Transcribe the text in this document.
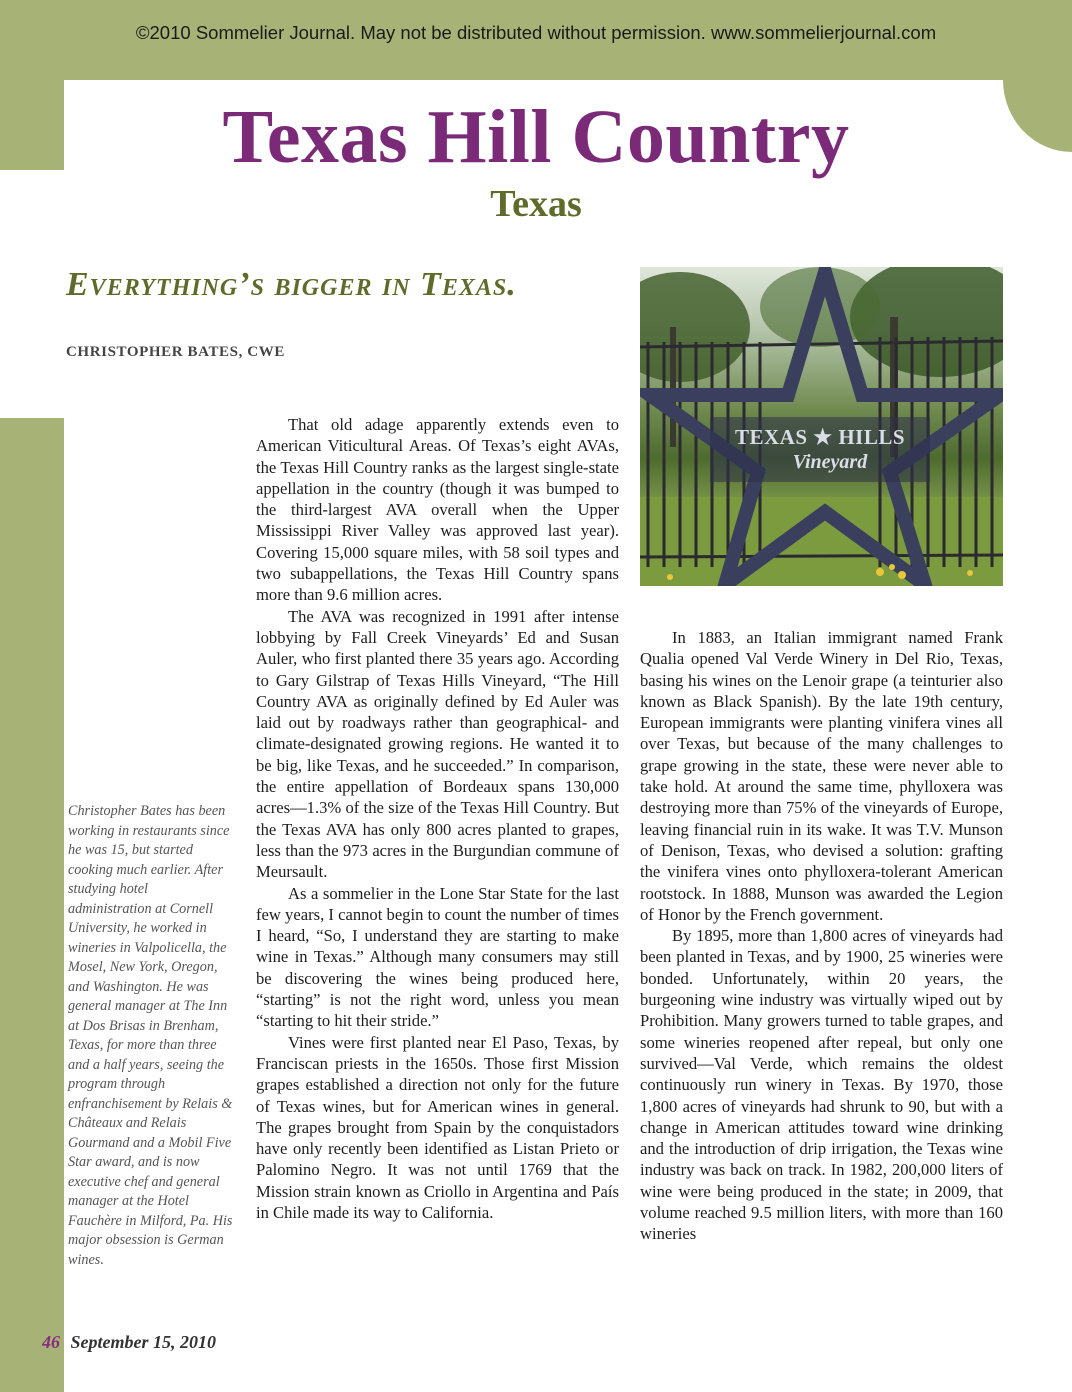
©2010 Sommelier Journal. May not be distributed without permission. www.sommelierjournal.com
Texas Hill Country
Texas
Everything’s bigger in Texas.
CHRISTOPHER BATES, CWE
TEXAS ★ HILLS
Vineyard
Christopher Bates has been working in restaurants since he was 15, but started cooking much earlier. After studying hotel administration at Cornell University, he worked in wineries in Valpolicella, the Mosel, New York, Oregon, and Washington. He was general manager at The Inn at Dos Brisas in Brenham, Texas, for more than three and a half years, seeing the program through enfranchisement by Relais & Châteaux and Relais Gourmand and a Mobil Five Star award, and is now executive chef and general manager at the Hotel Fauchère in Milford, Pa. His major obsession is German wines.

That old adage apparently extends even to American Viticultural Areas. Of Texas’s eight AVAs, the Texas Hill Country ranks as the largest single-state appellation in the country (though it was bumped to the third-largest AVA overall when the Upper Mississippi River Valley was approved last year). Covering 15,000 square miles, with 58 soil types and two subappellations, the Texas Hill Country spans more than 9.6 million acres.

The AVA was recognized in 1991 after intense lobbying by Fall Creek Vineyards’ Ed and Susan Auler, who first planted there 35 years ago. According to Gary Gilstrap of Texas Hills Vineyard, “The Hill Country AVA as originally defined by Ed Auler was laid out by roadways rather than geographical- and climate-designated growing regions. He wanted it to be big, like Texas, and he succeeded.” In comparison, the entire appellation of Bordeaux spans 130,000 acres—1.3% of the size of the Texas Hill Country. But the Texas AVA has only 800 acres planted to grapes, less than the 973 acres in the Burgundian commune of Meursault.

As a sommelier in the Lone Star State for the last few years, I cannot begin to count the number of times I heard, “So, I understand they are starting to make wine in Texas.” Although many consumers may still be discovering the wines being produced here, “starting” is not the right word, unless you mean “starting to hit their stride.”

Vines were first planted near El Paso, Texas, by Franciscan priests in the 1650s. Those first Mission grapes established a direction not only for the future of Texas wines, but for American wines in general. The grapes brought from Spain by the conquistadors have only recently been identified as Listan Prieto or Palomino Negro. It was not until 1769 that the Mission strain known as Criollo in Argentina and País in Chile made its way to California.

In 1883, an Italian immigrant named Frank Qualia opened Val Verde Winery in Del Rio, Texas, basing his wines on the Lenoir grape (a teinturier also known as Black Spanish). By the late 19th century, European immigrants were planting vinifera vines all over Texas, but because of the many challenges to grape growing in the state, these were never able to take hold. At around the same time, phylloxera was destroying more than 75% of the vineyards of Europe, leaving financial ruin in its wake. It was T.V. Munson of Denison, Texas, who devised a solution: grafting the vinifera vines onto phylloxera-tolerant American rootstock. In 1888, Munson was awarded the Legion of Honor by the French government.

By 1895, more than 1,800 acres of vineyards had been planted in Texas, and by 1900, 25 wineries were bonded. Unfortunately, within 20 years, the burgeoning wine industry was virtually wiped out by Prohibition. Many growers turned to table grapes, and some wineries reopened after repeal, but only one survived—Val Verde, which remains the oldest continuously run winery in Texas. By 1970, those 1,800 acres of vineyards had shrunk to 90, but with a change in American attitudes toward wine drinking and the introduction of drip irrigation, the Texas wine industry was back on track. In 1982, 200,000 liters of wine were being produced in the state; in 2009, that volume reached 9.5 million liters, with more than 160 wineries

46 September 15, 2010
